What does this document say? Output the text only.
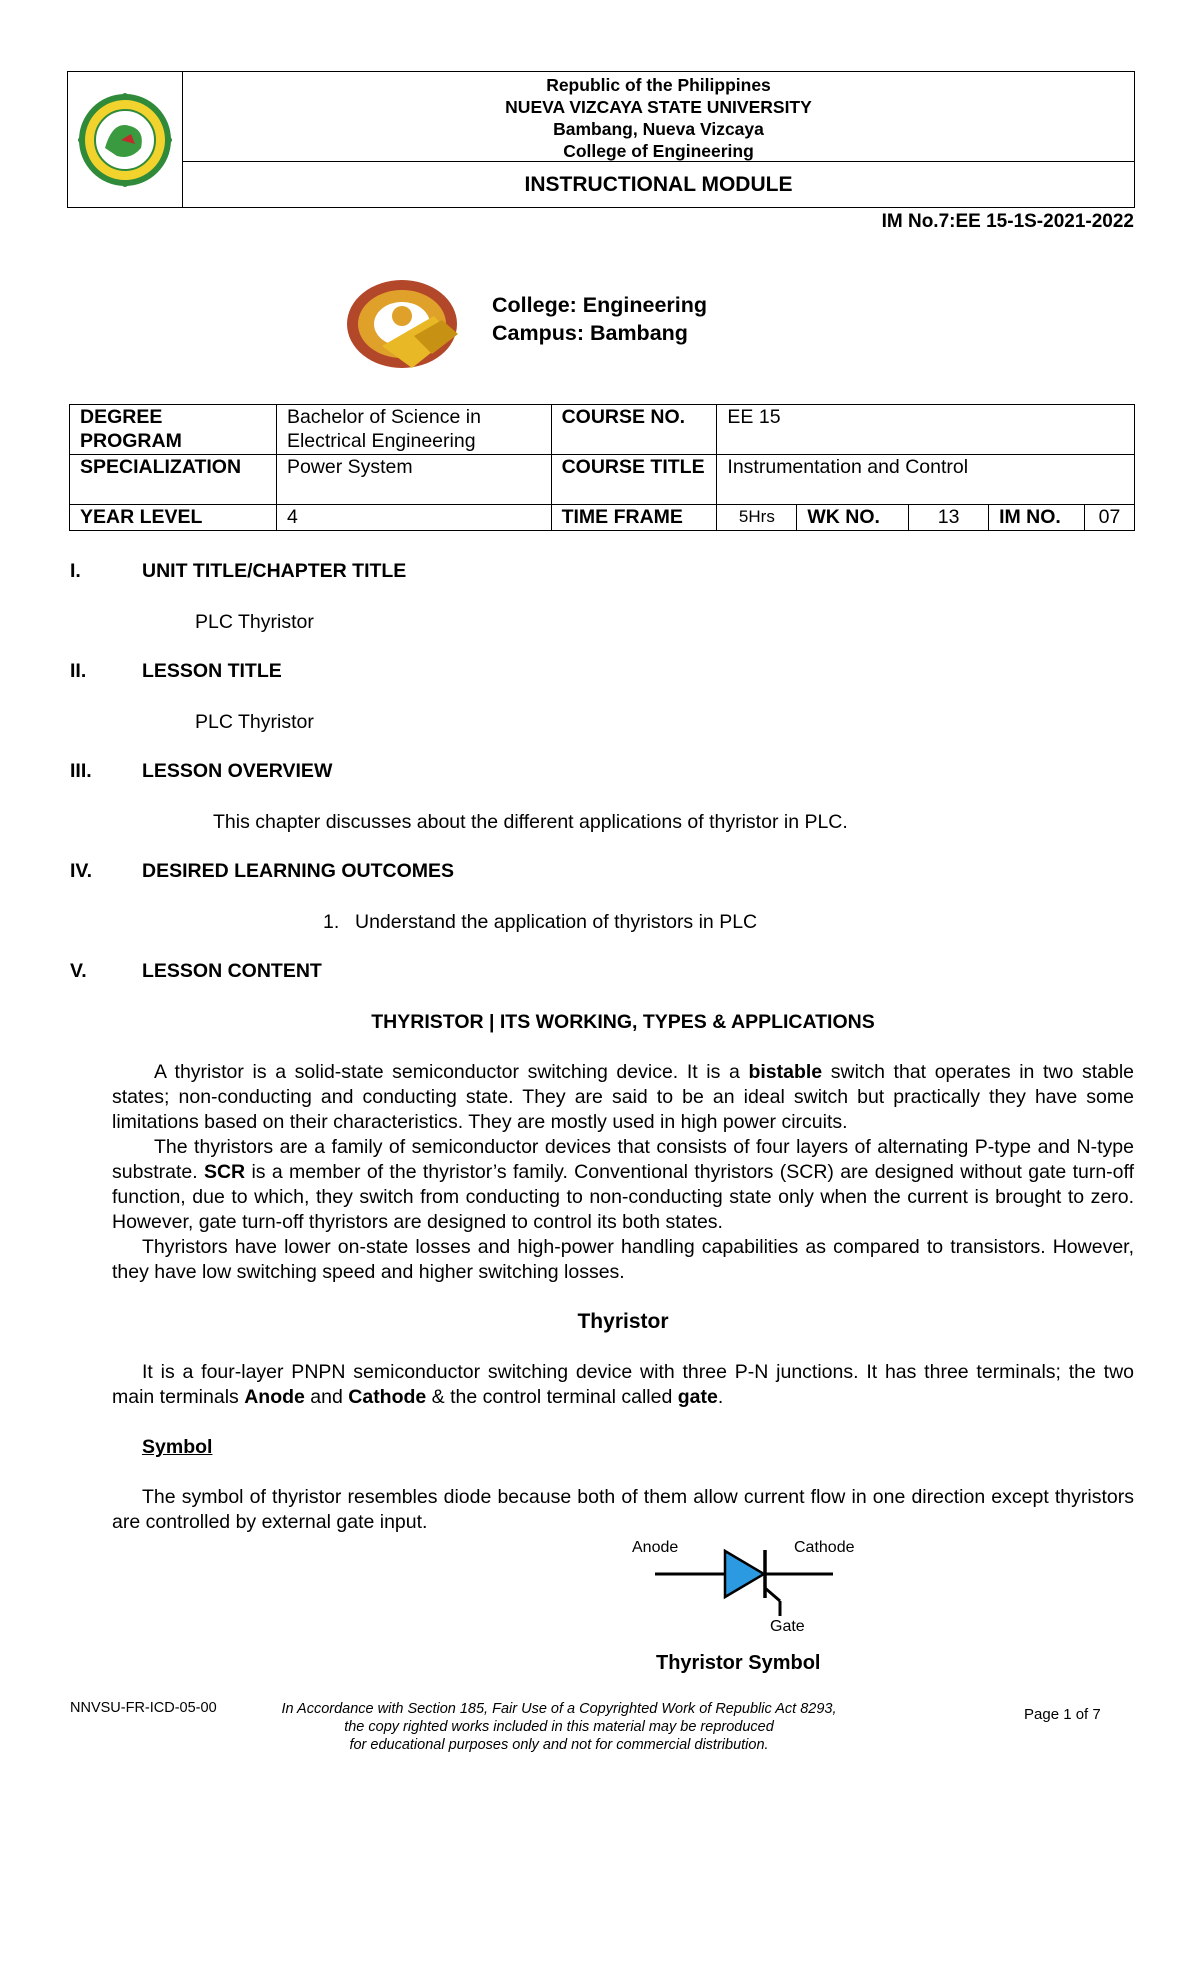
Republic of the Philippines
NUEVA VIZCAYA STATE UNIVERSITY
Bambang, Nueva Vizcaya
College of Engineering
INSTRUCTIONAL MODULE
IM No.7:EE 15-1S-2021-2022
College: Engineering
Campus: Bambang
DEGREE PROGRAM	Bachelor of Science in Electrical Engineering	COURSE NO.	EE 15				
SPECIALIZATION	Power System	COURSE TITLE	Instrumentation and Control				
YEAR LEVEL	4	TIME FRAME	5Hrs	WK NO.	13	IM NO.	07
I.	UNIT TITLE/CHAPTER TITLE
PLC Thyristor
II.	LESSON TITLE
PLC Thyristor
III.	LESSON OVERVIEW
This chapter discusses about the different applications of thyristor in PLC.
IV.	DESIRED LEARNING OUTCOMES
1. Understand the application of thyristors in PLC
V.	LESSON CONTENT
THYRISTOR | ITS WORKING, TYPES & APPLICATIONS
A thyristor is a solid-state semiconductor switching device. It is a bistable switch that operates in two stable states; non-conducting and conducting state. They are said to be an ideal switch but practically they have some limitations based on their characteristics. They are mostly used in high power circuits.
The thyristors are a family of semiconductor devices that consists of four layers of alternating P-type and N-type substrate. SCR is a member of the thyristor’s family. Conventional thyristors (SCR) are designed without gate turn-off function, due to which, they switch from conducting to non-conducting state only when the current is brought to zero. However, gate turn-off thyristors are designed to control its both states.
Thyristors have lower on-state losses and high-power handling capabilities as compared to transistors. However, they have low switching speed and higher switching losses.
Thyristor
It is a four-layer PNPN semiconductor switching device with three P-N junctions. It has three terminals; the two main terminals Anode and Cathode & the control terminal called gate.
Symbol
The symbol of thyristor resembles diode because both of them allow current flow in one direction except thyristors are controlled by external gate input.
Anode	Cathode
Gate
Thyristor Symbol
NNVSU-FR-ICD-05-00	In Accordance with Section 185, Fair Use of a Copyrighted Work of Republic Act 8293,
the copy righted works included in this material may be reproduced
for educational purposes only and not for commercial distribution.
Page 1 of 7
